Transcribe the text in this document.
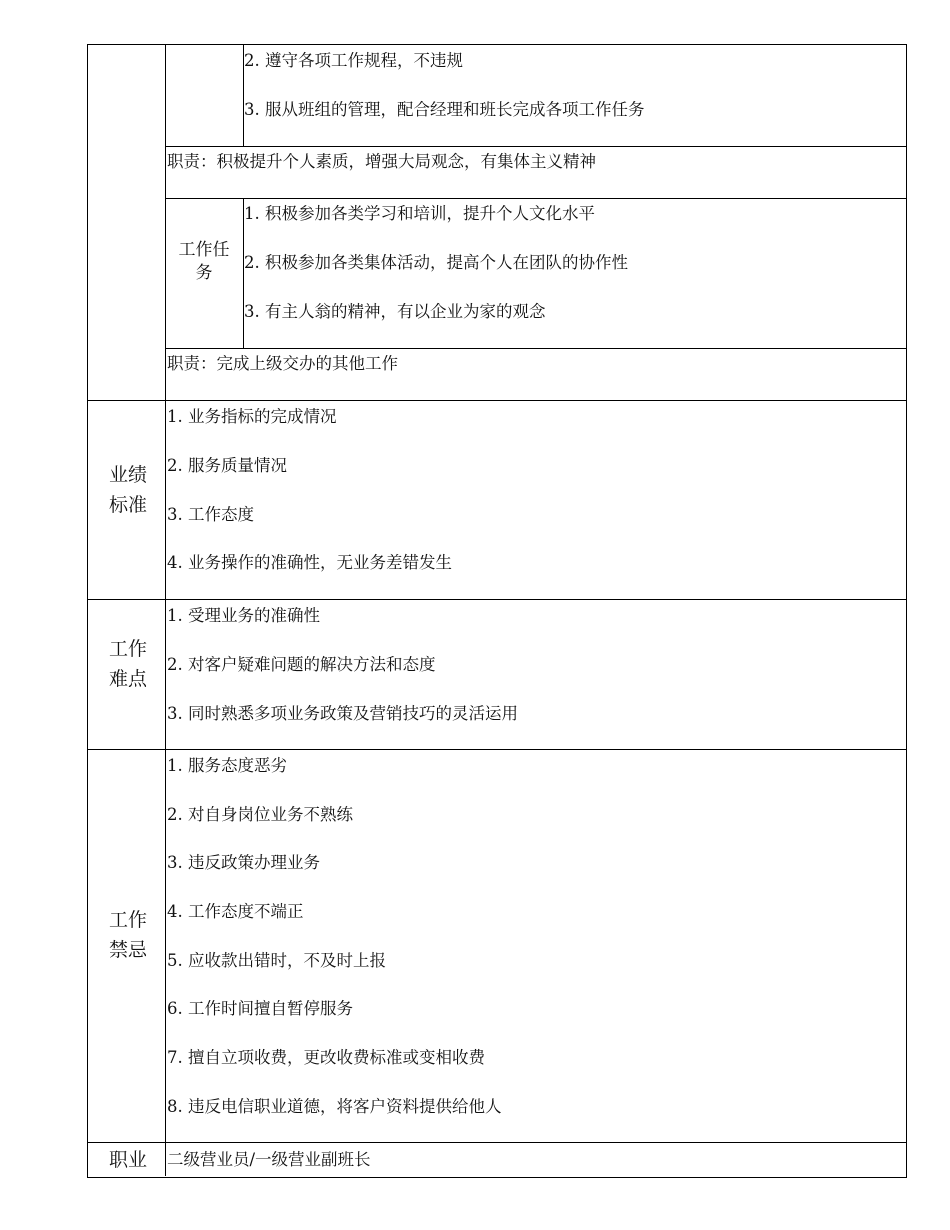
2. 遵守各项工作规程，不违规
3. 服从班组的管理，配合经理和班长完成各项工作任务
职责：积极提升个人素质，增强大局观念，有集体主义精神
工作任务
1. 积极参加各类学习和培训，提升个人文化水平
2. 积极参加各类集体活动，提高个人在团队的协作性
3. 有主人翁的精神，有以企业为家的观念
职责：完成上级交办的其他工作
业绩标准
1. 业务指标的完成情况
2. 服务质量情况
3. 工作态度
4. 业务操作的准确性，无业务差错发生
工作难点
1. 受理业务的准确性
2. 对客户疑难问题的解决方法和态度
3. 同时熟悉多项业务政策及营销技巧的灵活运用
工作禁忌
1. 服务态度恶劣
2. 对自身岗位业务不熟练
3. 违反政策办理业务
4. 工作态度不端正
5. 应收款出错时，不及时上报
6. 工作时间擅自暂停服务
7. 擅自立项收费，更改收费标准或变相收费
8. 违反电信职业道德，将客户资料提供给他人
职业	二级营业员/一级营业副班长
